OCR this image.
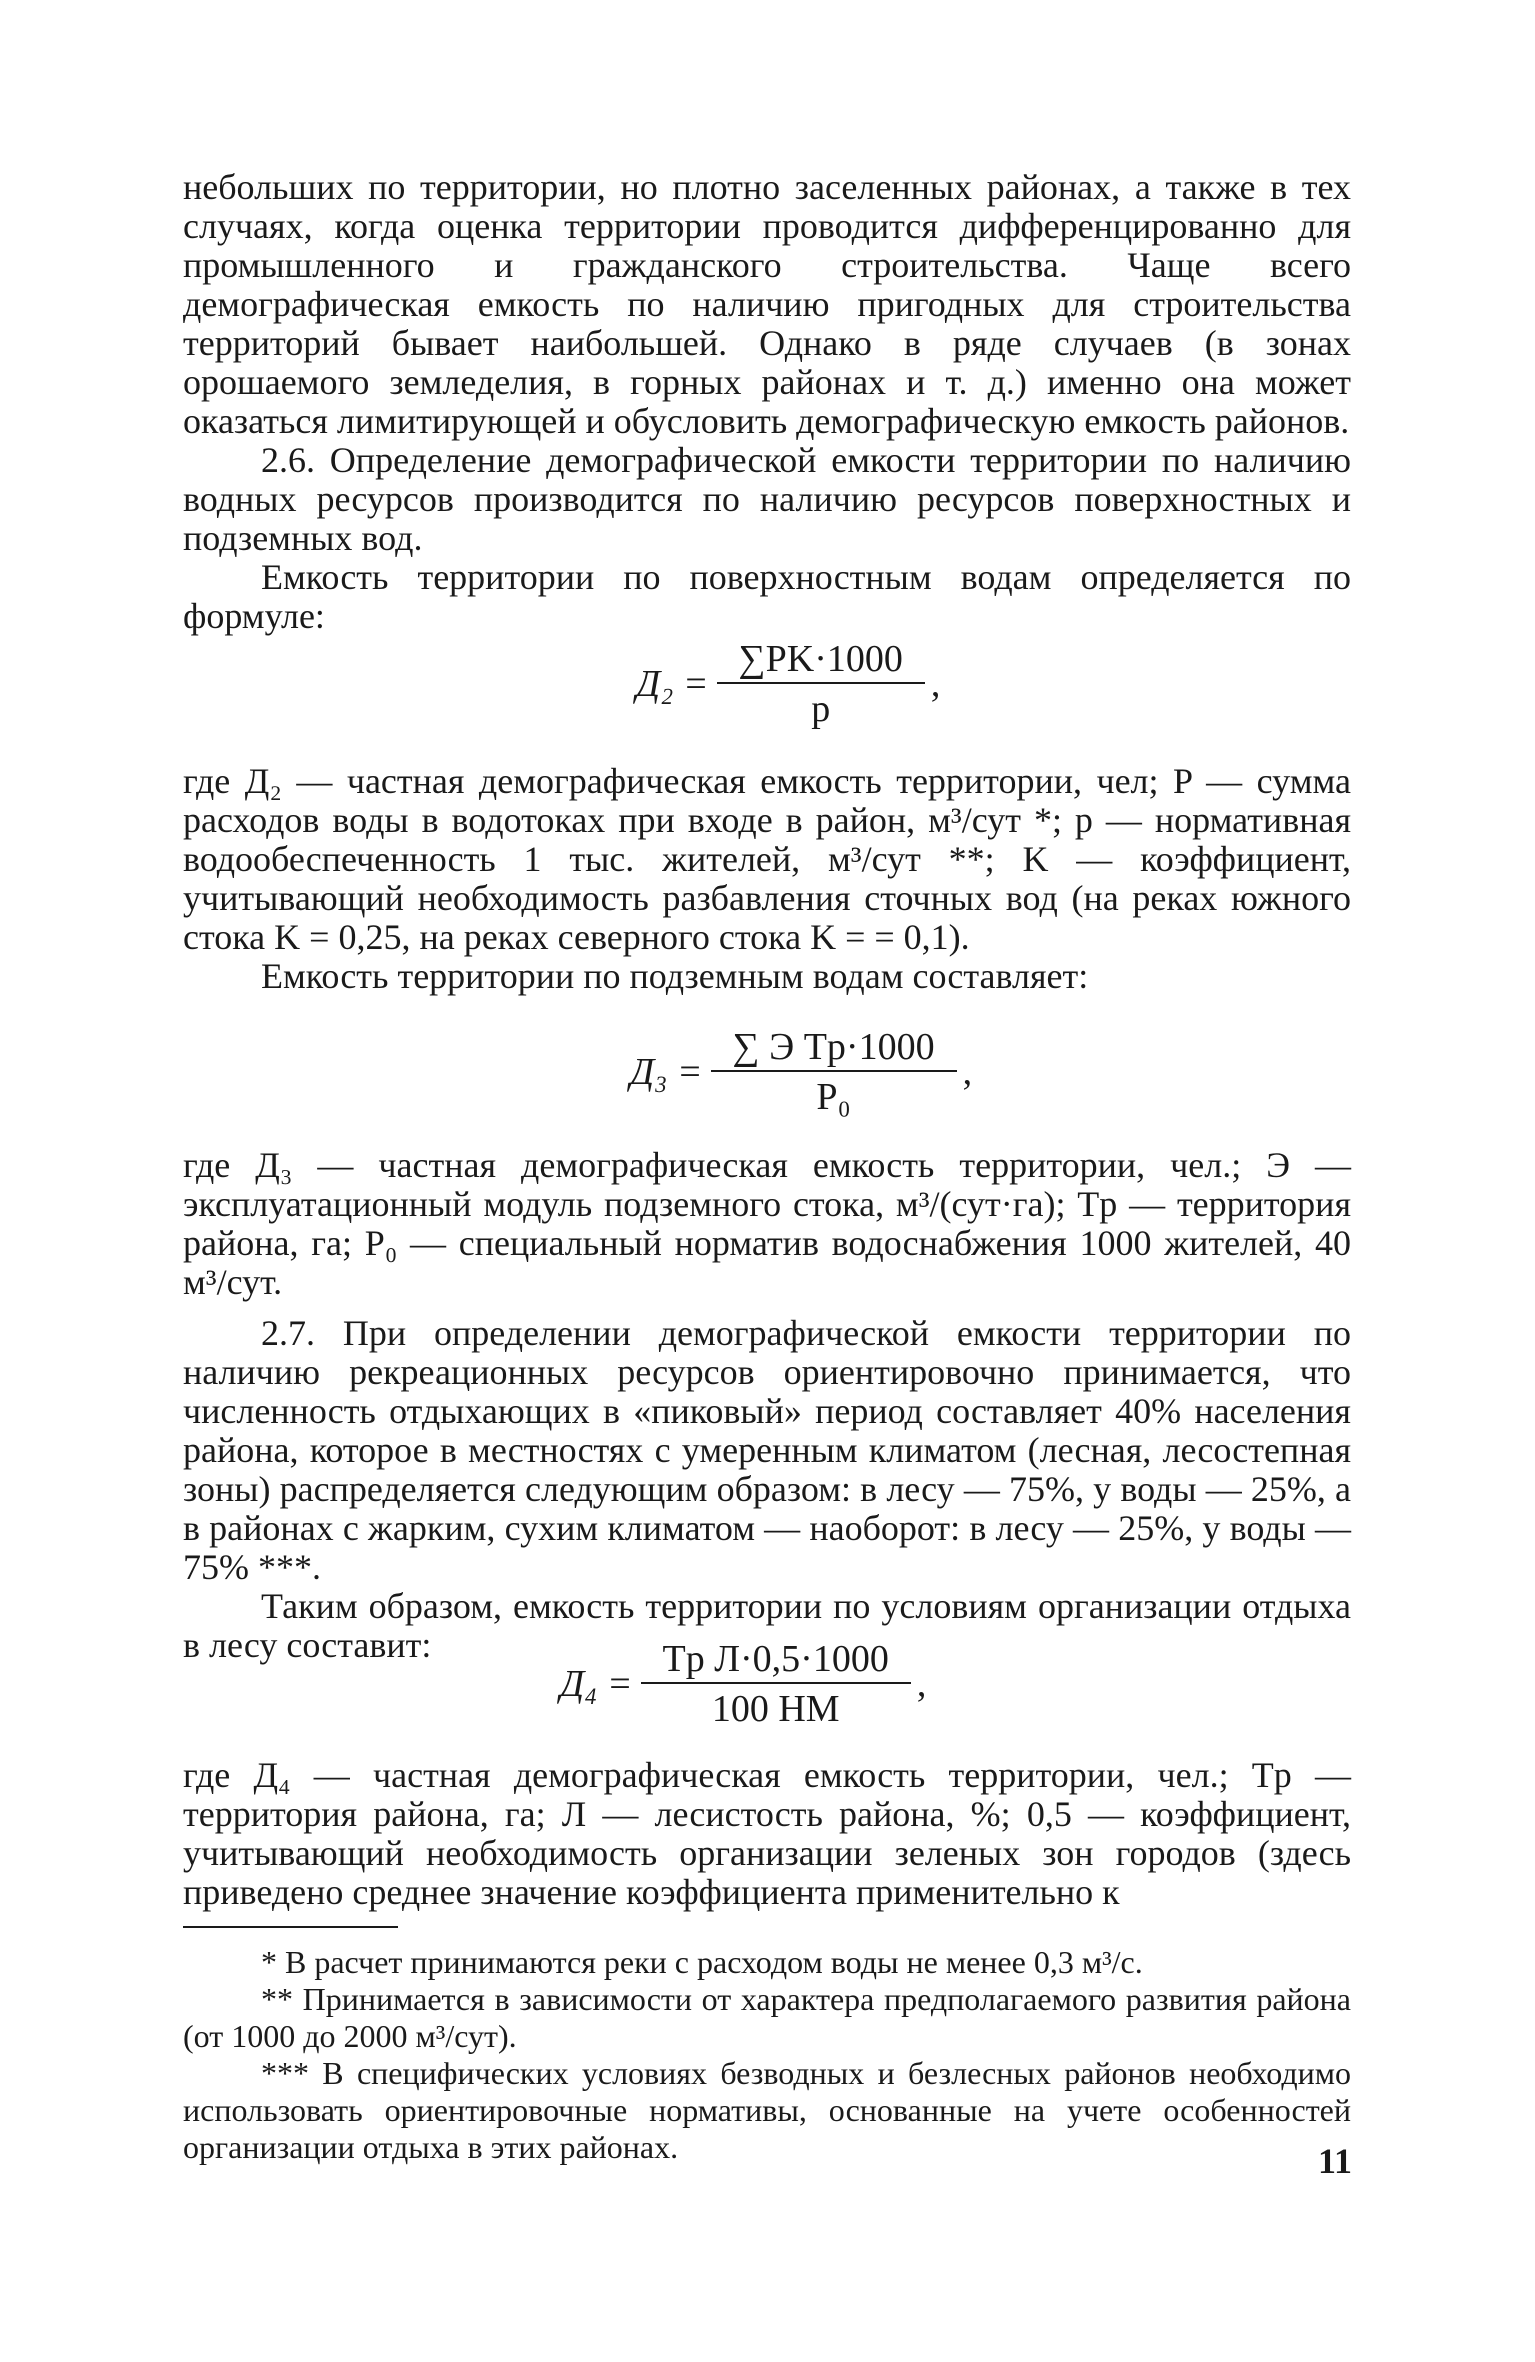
небольших по территории, но плотно заселенных районах, а также в тех случаях, когда оценка территории проводится дифференцированно для промышленного и гражданского строительства. Чаще всего демографическая емкость по наличию пригодных для строительства территорий бывает наибольшей. Однако в ряде случаев (в зонах орошаемого земледелия, в горных районах и т. д.) именно она может оказаться лимитирующей и обусловить демографическую емкость районов.

2.6. Определение демографической емкости территории по наличию водных ресурсов производится по наличию ресурсов поверхностных и подземных вод.

Емкость территории по поверхностным водам определяется по формуле:

$Д_2 = \frac{\sum PK\cdot 1000}{p}$ ,

где Д₂ — частная демографическая емкость территории, чел; P — сумма расходов воды в водотоках при входе в район, м³/сут *; p — нормативная водообеспеченность 1 тыс. жителей, м³/сут **; K — коэффициент, учитывающий необходимость разбавления сточных вод (на реках южного стока K = 0,25, на реках северного стока K = = 0,1).

Емкость территории по подземным водам составляет:

$Д_3 = \frac{\text{∑ Э Tр·1000}}{\text{P₀}}$ ,

где Д₃ — частная демографическая емкость территории, чел.; Э — эксплуатационный модуль подземного стока, м³/(сут·га); Tр — территория района, га; P₀ — специальный норматив водоснабжения 1000 жителей, 40 м³/сут.

2.7. При определении демографической емкости территории по наличию рекреационных ресурсов ориентировочно принимается, что численность отдыхающих в «пиковый» период составляет 40% населения района, которое в местностях с умеренным климатом (лесная, лесостепная зоны) распределяется следующим образом: в лесу — 75%, у воды — 25%, а в районах с жарким, сухим климатом — наоборот: в лесу — 25%, у воды — 75% ***.

Таким образом, емкость территории по условиям организации отдыха в лесу составит:

$Д_4 = \frac{\text{Tр Л·0,5·1000}}{100 HM}$ ,

где Д₄ — частная демографическая емкость территории, чел.; Tр — территория района, га; Л — лесистость района, %; 0,5 — коэффициент, учитывающий необходимость организации зеленых зон городов (здесь приведено среднее значение коэффициента применительно к

* В расчет принимаются реки с расходом воды не менее 0,3 м³/с.

** Принимается в зависимости от характера предполагаемого развития района (от 1000 до 2000 м³/сут).

*** В специфических условиях безводных и безлесных районов необходимо использовать ориентировочные нормативы, основанные на учете особенностей организации отдыха в этих районах.	11
